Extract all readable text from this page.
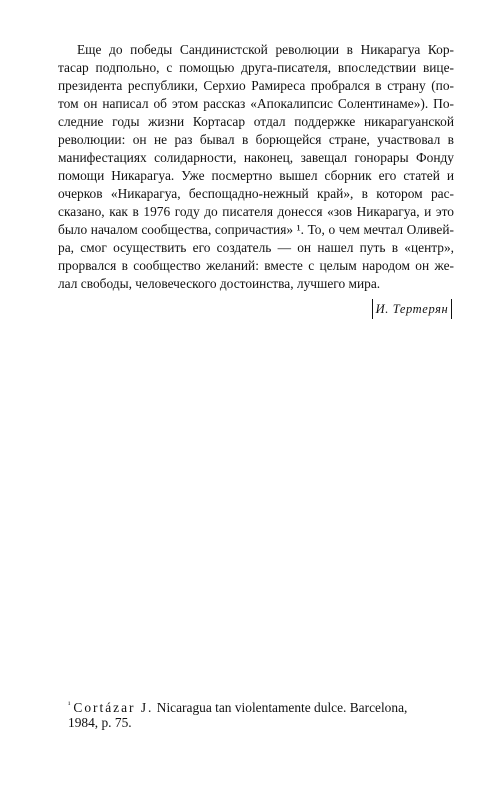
Еще до победы Сандинистской революции в Никарагуа Кор-
тасар подпольно, с помощью друга-писателя, впоследствии вице-
президента республики, Серхио Рамиреса пробрался в страну (по-
том он написал об этом рассказ «Апокалипсис Солентинаме»). По-
следние годы жизни Кортасар отдал поддержке никарагуанской
революции: он не раз бывал в борющейся стране, участвовал в
манифестациях солидарности, наконец, завещал гонорары Фонду
помощи Никарагуа. Уже посмертно вышел сборник его статей и
очерков «Никарагуа, беспощадно-нежный край», в котором рас-
сказано, как в 1976 году до писателя донесся «зов Никарагуа, и это
было началом сообщества, сопричастия» ¹. То, о чем мечтал Оливей-
ра, смог осуществить его создатель — он нашел путь в «центр»,
прорвался в сообщество желаний: вместе с целым народом он же-
И. Тертерян
$^{^1}$ Cortázar J. Nicaragua tan violentamente dulce. Barcelona,
1984, p. 75.
лал свободы, человеческого достоинства, лучшего мира.
